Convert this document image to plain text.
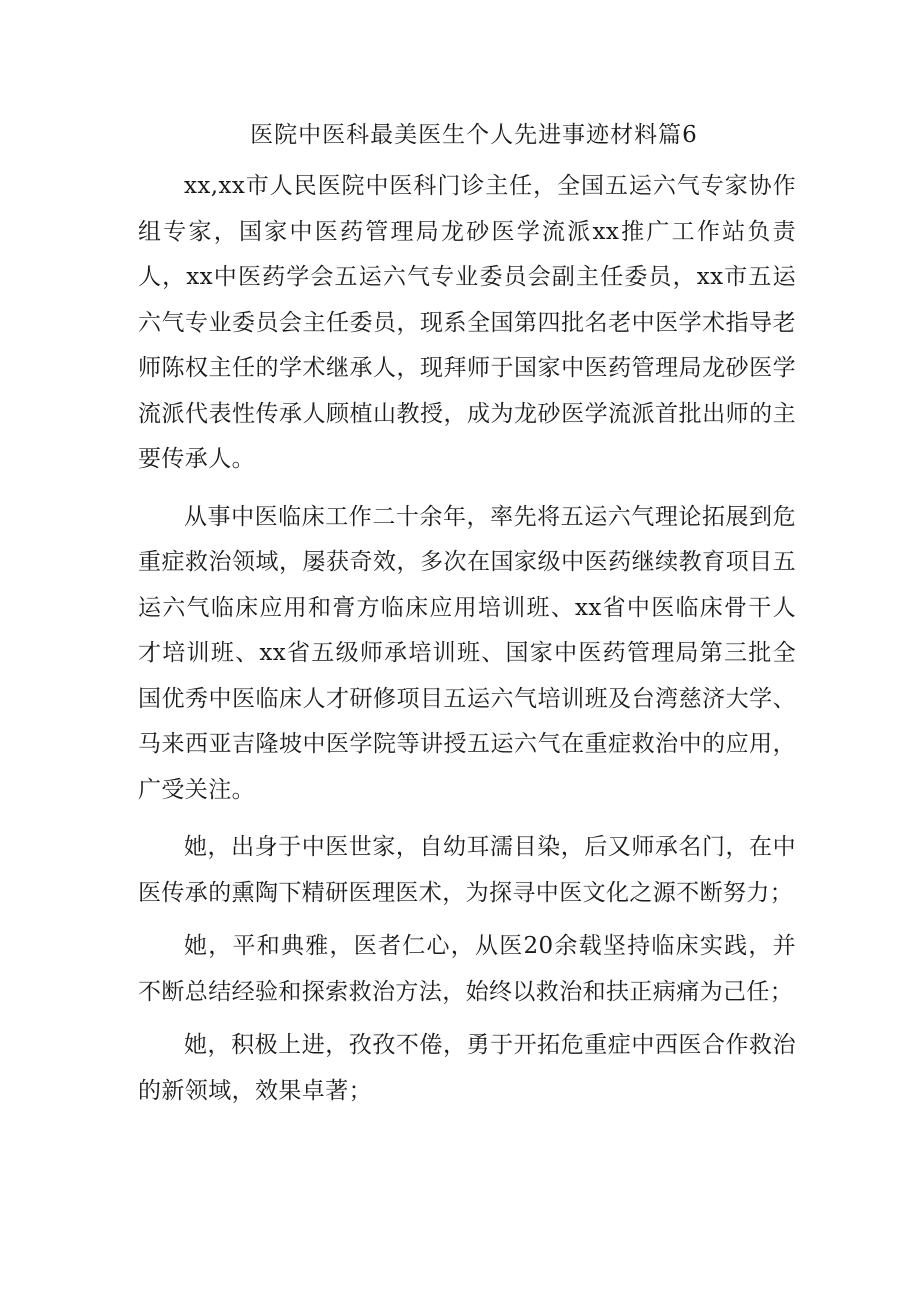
医院中医科最美医生个人先进事迹材料篇6

xx,xx市人民医院中医科门诊主任，全国五运六气专家协作组专家，国家中医药管理局龙砂医学流派xx推广工作站负责人，xx中医药学会五运六气专业委员会副主任委员，xx市五运六气专业委员会主任委员，现系全国第四批名老中医学术指导老师陈权主任的学术继承人，现拜师于国家中医药管理局龙砂医学流派代表性传承人顾植山教授，成为龙砂医学流派首批出师的主要传承人。

从事中医临床工作二十余年，率先将五运六气理论拓展到危重症救治领域，屡获奇效，多次在国家级中医药继续教育项目五运六气临床应用和膏方临床应用培训班、xx省中医临床骨干人才培训班、xx省五级师承培训班、国家中医药管理局第三批全国优秀中医临床人才研修项目五运六气培训班及台湾慈济大学、马来西亚吉隆坡中医学院等讲授五运六气在重症救治中的应用，广受关注。

她，出身于中医世家，自幼耳濡目染，后又师承名门，在中医传承的熏陶下精研医理医术，为探寻中医文化之源不断努力；

她，平和典雅，医者仁心，从医20余载坚持临床实践，并不断总结经验和探索救治方法，始终以救治和扶正病痛为己任；

她，积极上进，孜孜不倦，勇于开拓危重症中西医合作救治的新领域，效果卓著；
